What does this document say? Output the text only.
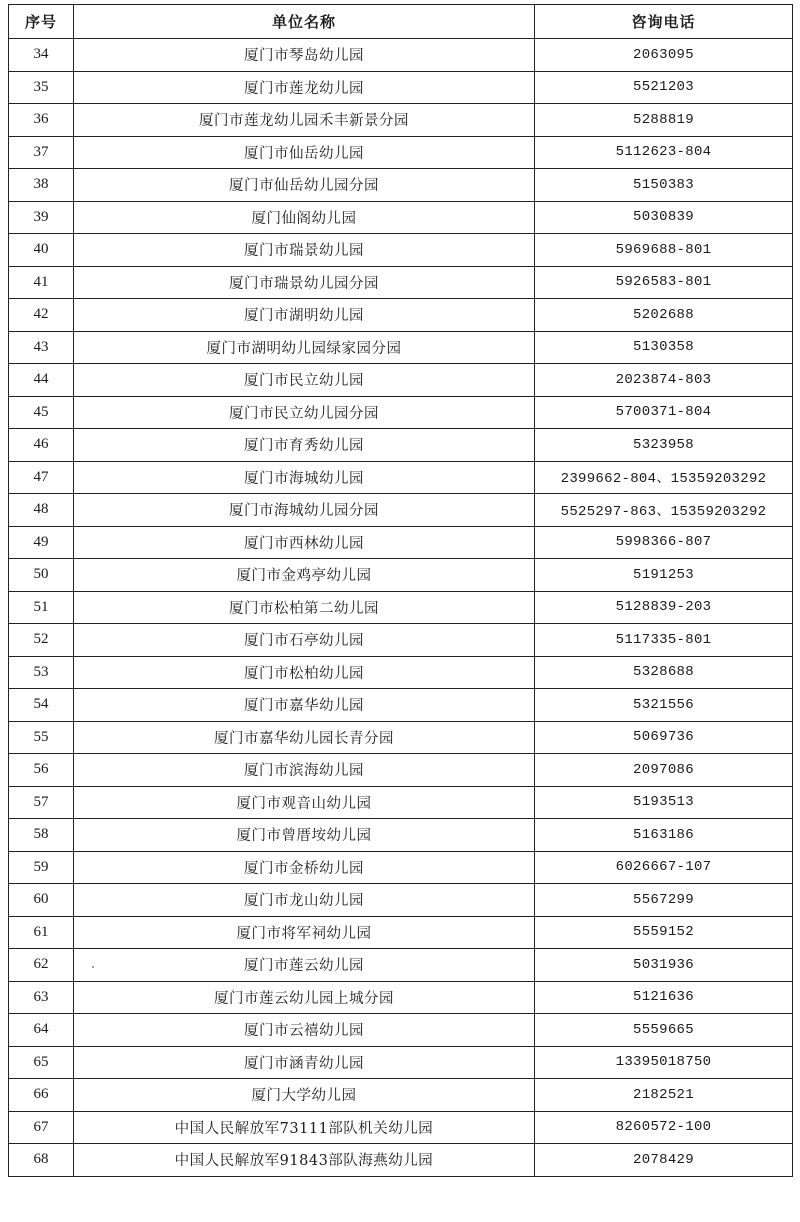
序号	单位名称	咨询电话
34	厦门市琴岛幼儿园	2063095
35	厦门市莲龙幼儿园	5521203
36	厦门市莲龙幼儿园禾丰新景分园	5288819
37	厦门市仙岳幼儿园	5112623-804
38	厦门市仙岳幼儿园分园	5150383
39	厦门仙阁幼儿园	5030839
40	厦门市瑞景幼儿园	5969688-801
41	厦门市瑞景幼儿园分园	5926583-801
42	厦门市湖明幼儿园	5202688
43	厦门市湖明幼儿园绿家园分园	5130358
44	厦门市民立幼儿园	2023874-803
45	厦门市民立幼儿园分园	5700371-804
46	厦门市育秀幼儿园	5323958
47	厦门市海城幼儿园	2399662-804、15359203292
48	厦门市海城幼儿园分园	5525297-863、15359203292
49	厦门市西林幼儿园	5998366-807
50	厦门市金鸡亭幼儿园	5191253
51	厦门市松柏第二幼儿园	5128839-203
52	厦门市石亭幼儿园	5117335-801
53	厦门市松柏幼儿园	5328688
54	厦门市嘉华幼儿园	5321556
55	厦门市嘉华幼儿园长青分园	5069736
56	厦门市滨海幼儿园	2097086
57	厦门市观音山幼儿园	5193513
58	厦门市曾厝垵幼儿园	5163186
59	厦门市金桥幼儿园	6026667-107
60	厦门市龙山幼儿园	5567299
61	厦门市将军祠幼儿园	5559152
62	厦门市莲云幼儿园	5031936
63	厦门市莲云幼儿园上城分园	5121636
64	厦门市云禧幼儿园	5559665
65	厦门市涵青幼儿园	13395018750
66	厦门大学幼儿园	2182521
67	中国人民解放军73111部队机关幼儿园	8260572-100
68	中国人民解放军91843部队海燕幼儿园	2078429
